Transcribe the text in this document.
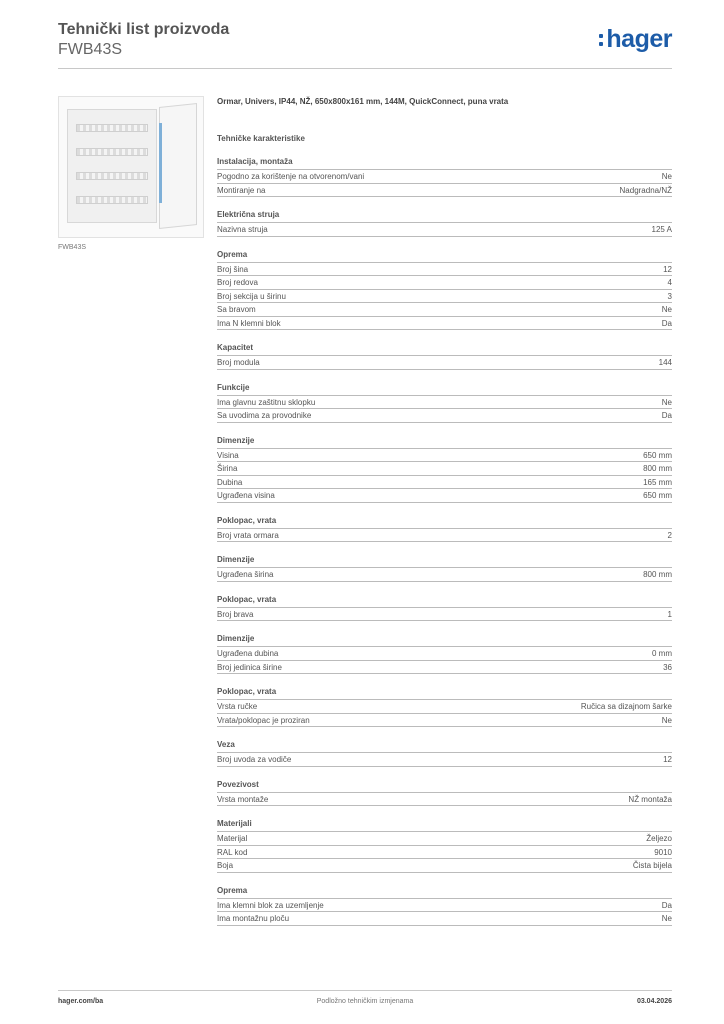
Tehnički list proizvoda
FWB43S	hager
FWB43S
Ormar, Univers, IP44, NŽ, 650x800x161 mm, 144M, QuickConnect, puna vrata
Tehničke karakteristike
Instalacija, montaža
Pogodno za korištenje na otvorenom/vani	Ne
Montiranje na	Nadgradna/NŽ
Električna struja
Nazivna struja	125 A
Oprema
Broj šina	12
Broj redova	4
Broj sekcija u širinu	3
Sa bravom	Ne
Ima N klemni blok	Da
Kapacitet
Broj modula	144
Funkcije
Ima glavnu zaštitnu sklopku	Ne
Sa uvodima za provodnike	Da
Dimenzije
Visina	650 mm
Širina	800 mm
Dubina	165 mm
Ugrađena visina	650 mm
Poklopac, vrata
Broj vrata ormara	2
Dimenzije
Ugrađena širina	800 mm
Poklopac, vrata
Broj brava	1
Dimenzije
Ugrađena dubina	0 mm
Broj jedinica širine	36
Poklopac, vrata
Vrsta ručke	Ručica sa dizajnom šarke
Vrata/poklopac je proziran	Ne
Veza
Broj uvoda za vodiče	12
Povezivost
Vrsta montaže	NŽ montaža
Materijali
Materijal	Željezo
RAL kod	9010
Boja	Čista bijela
Oprema
Ima klemni blok za uzemljenje	Da
Ima montažnu ploču	Ne
hager.com/ba	Podložno tehničkim izmjenama	03.04.2026
